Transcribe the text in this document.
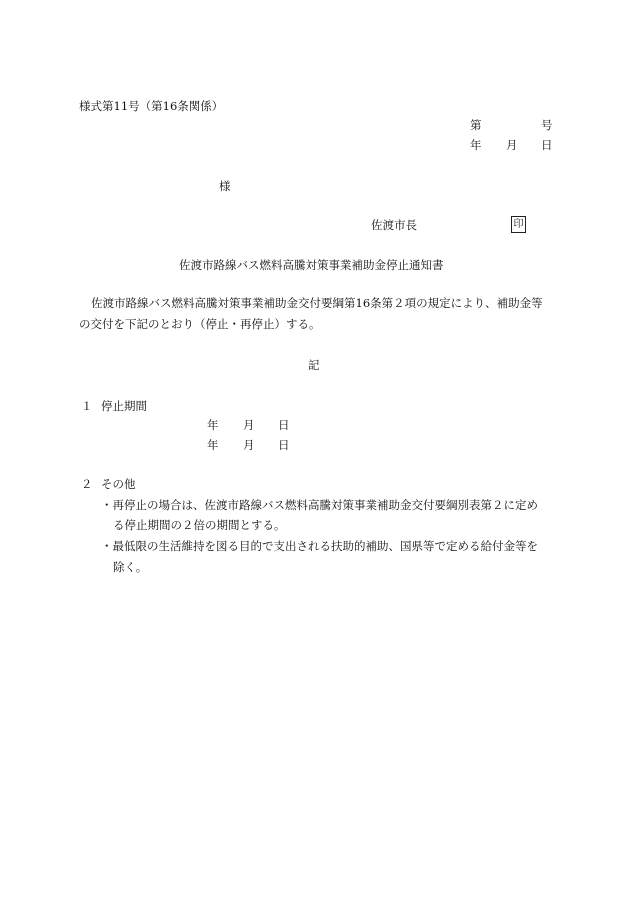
様式第11号（第16条関係）
第	号
年 月 日
様
佐渡市長	印
佐渡市路線バス燃料高騰対策事業補助金停止通知書
佐渡市路線バス燃料高騰対策事業補助金交付要綱第16条第２項の規定により、補助金等
の交付を下記のとおり（停止・再停止）する。
記
１ 停止期間
年 月 日
年 月 日
２ その他
・再停止の場合は、佐渡市路線バス燃料高騰対策事業補助金交付要綱別表第２に定め
る停止期間の２倍の期間とする。
・最低限の生活維持を図る目的で支出される扶助的補助、国県等で定める給付金等を
除く。
